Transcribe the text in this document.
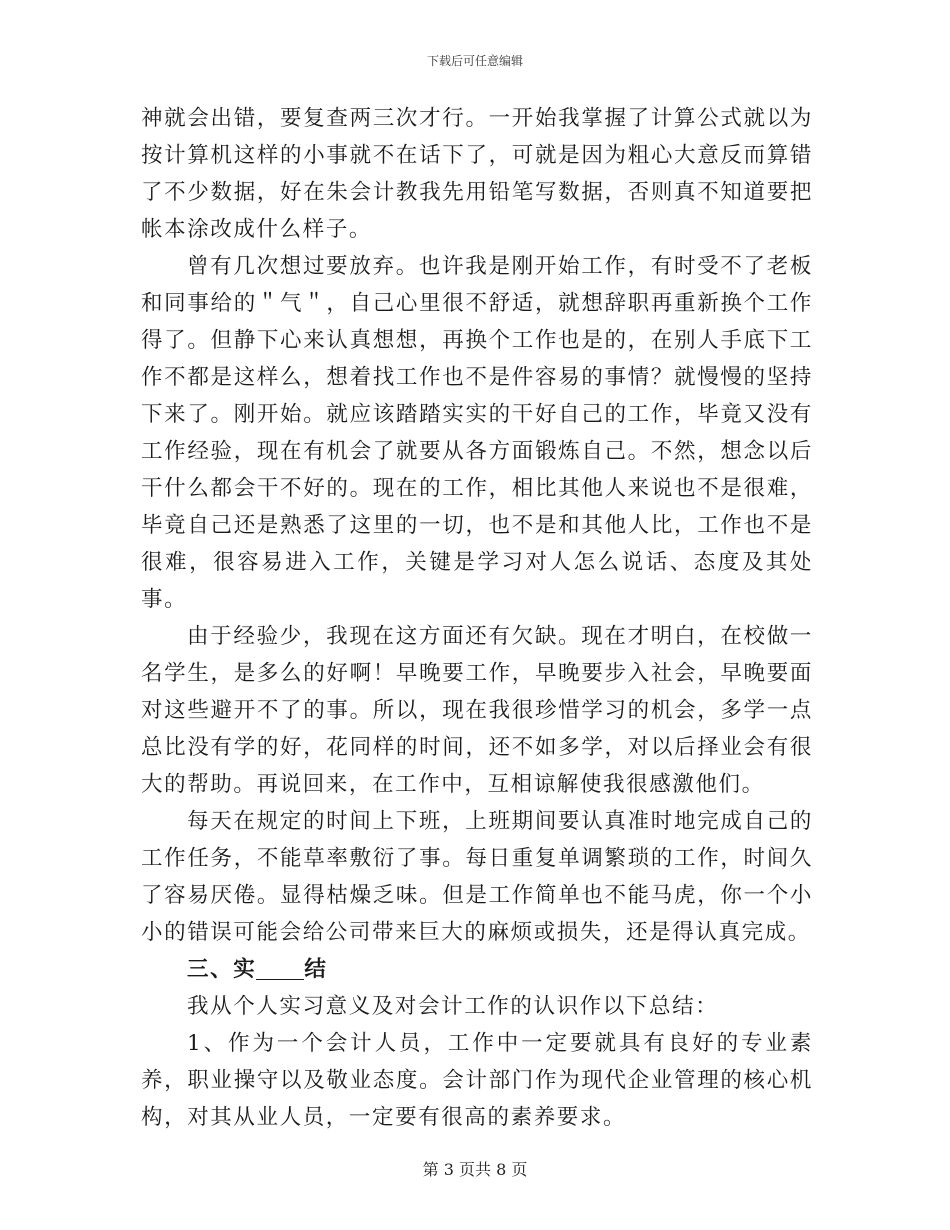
下载后可任意编辑

神就会出错，要复查两三次才行。一开始我掌握了计算公式就以为按计算机这样的小事就不在话下了，可就是因为粗心大意反而算错了不少数据，好在朱会计教我先用铅笔写数据，否则真不知道要把帐本涂改成什么样子。

曾有几次想过要放弃。也许我是刚开始工作，有时受不了老板和同事给的＂气＂，自己心里很不舒适，就想辞职再重新换个工作得了。但静下心来认真想想，再换个工作也是的，在别人手底下工作不都是这样么，想着找工作也不是件容易的事情？就慢慢的坚持下来了。刚开始。就应该踏踏实实的干好自己的工作，毕竟又没有工作经验，现在有机会了就要从各方面锻炼自己。不然，想念以后干什么都会干不好的。现在的工作，相比其他人来说也不是很难，毕竟自己还是熟悉了这里的一切，也不是和其他人比，工作也不是很难，很容易进入工作，关键是学习对人怎么说话、态度及其处事。

由于经验少，我现在这方面还有欠缺。现在才明白，在校做一名学生，是多么的好啊！早晚要工作，早晚要步入社会，早晚要面对这些避开不了的事。所以，现在我很珍惜学习的机会，多学一点总比没有学的好，花同样的时间，还不如多学，对以后择业会有很大的帮助。再说回来，在工作中，互相谅解使我很感激他们。

每天在规定的时间上下班，上班期间要认真准时地完成自己的工作任务，不能草率敷衍了事。每日重复单调繁琐的工作，时间久了容易厌倦。显得枯燥乏味。但是工作简单也不能马虎，你一个小小的错误可能会给公司带来巨大的麻烦或损失，还是得认真完成。

三、实 结

我从个人实习意义及对会计工作的认识作以下总结：

1、作为一个会计人员，工作中一定要就具有良好的专业素养，职业操守以及敬业态度。会计部门作为现代企业管理的核心机构，对其从业人员，一定要有很高的素养要求。

第 3 页共 8 页
